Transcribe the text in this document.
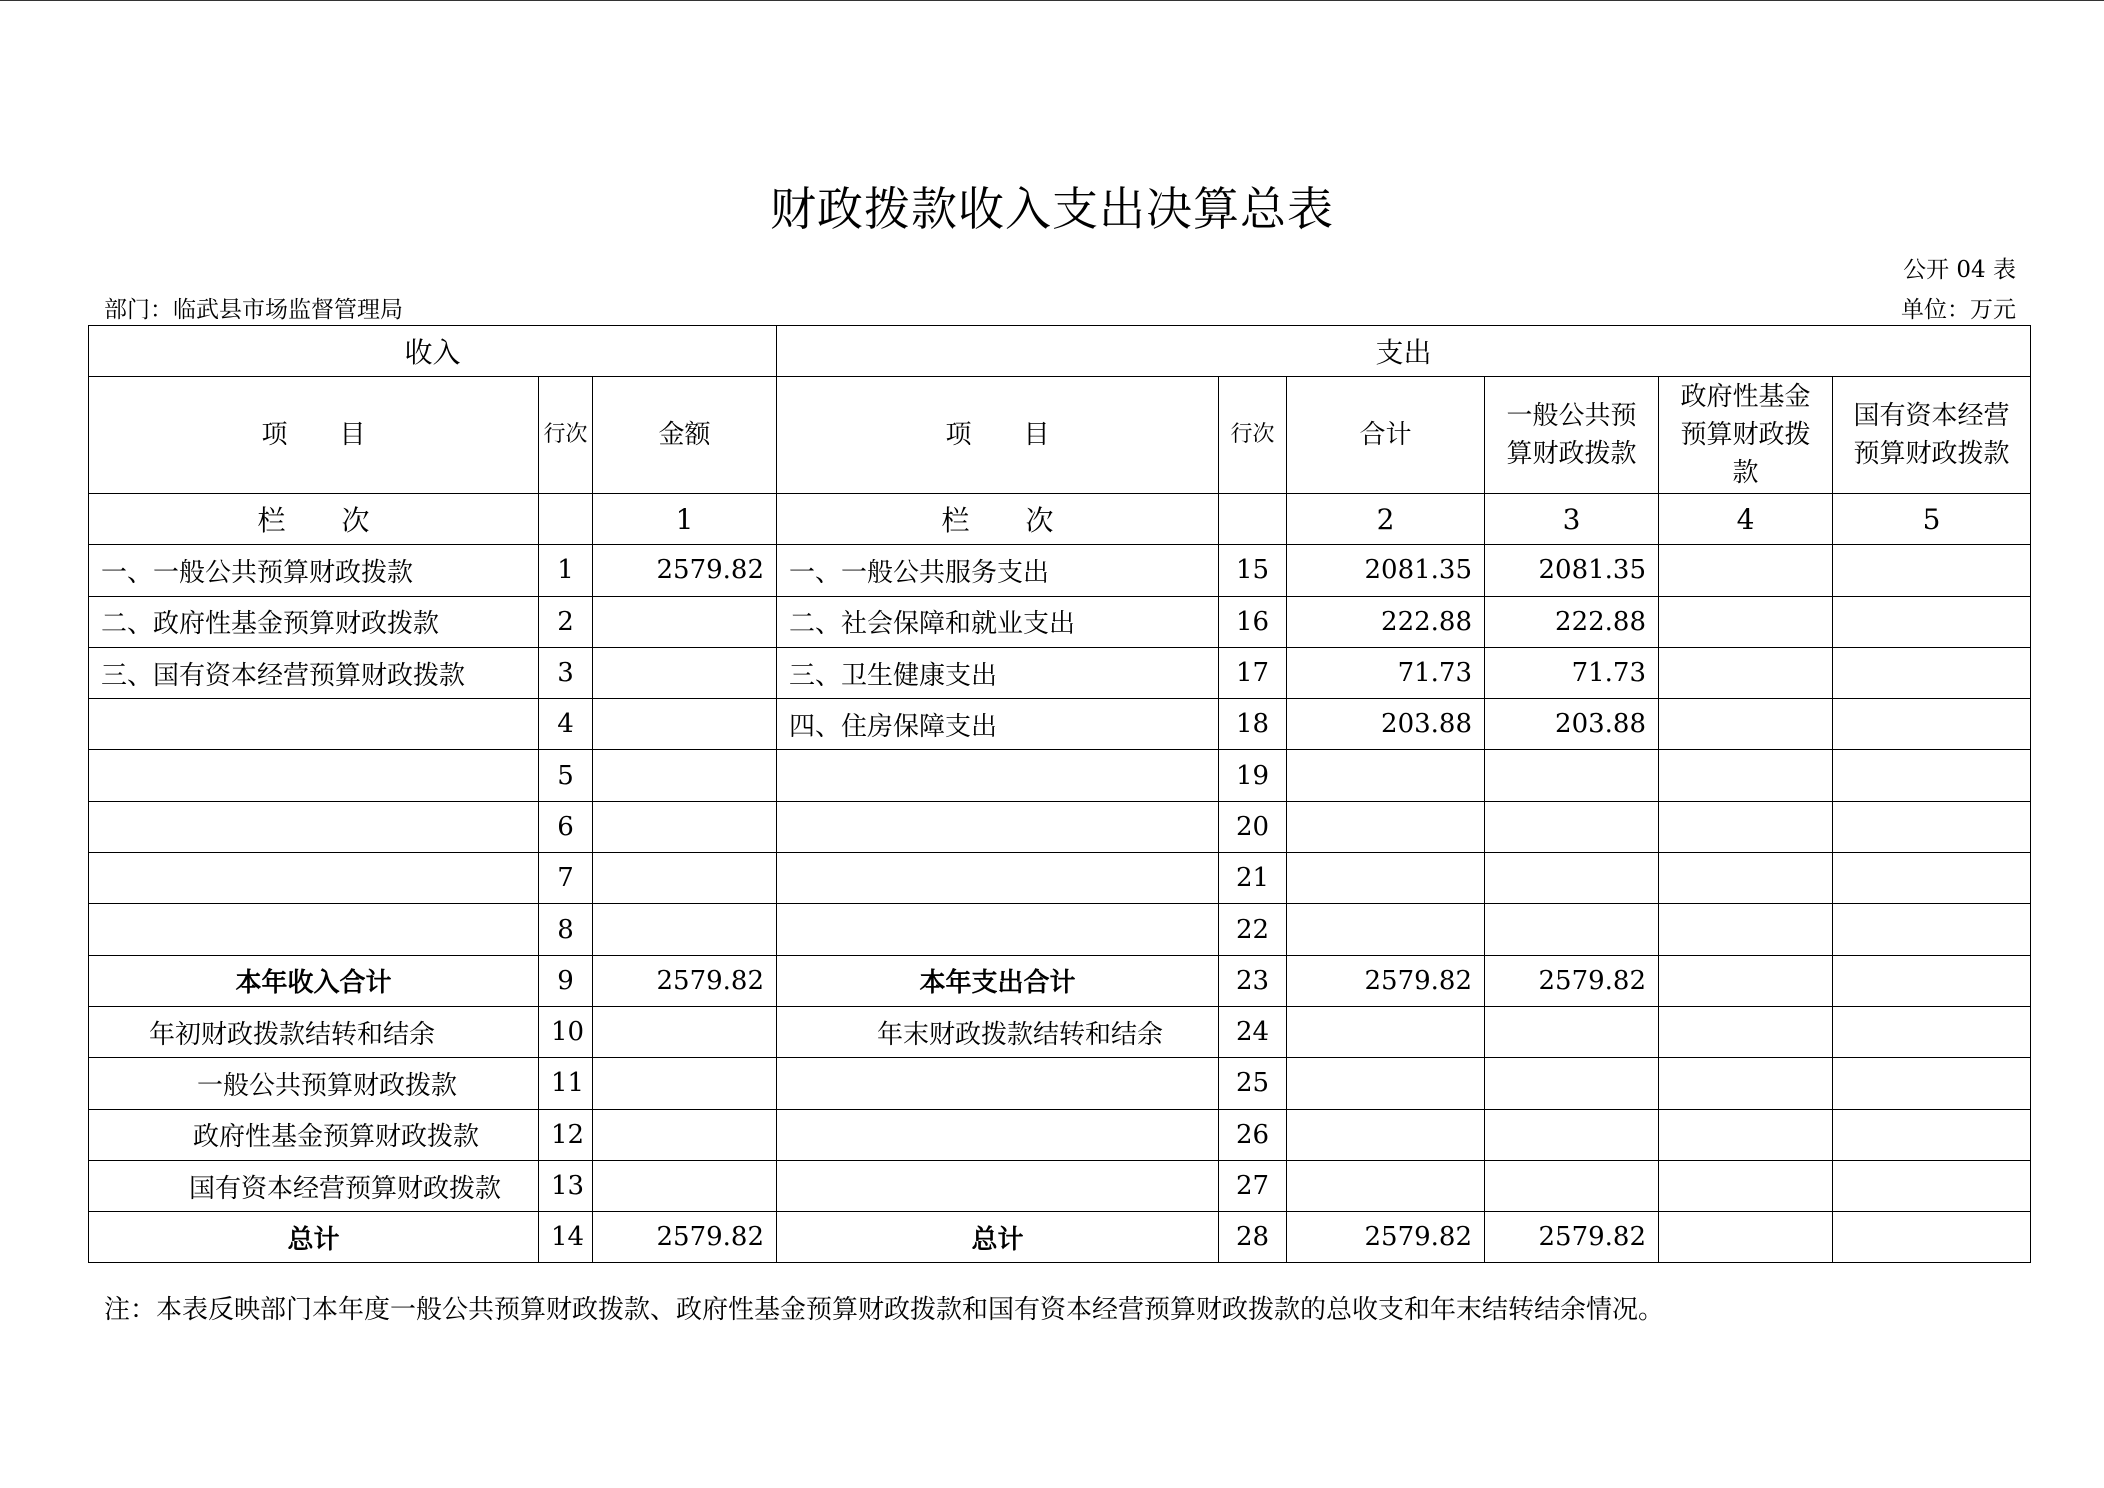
财政拨款收入支出决算总表
公开 04 表
部门：临武县市场监督管理局	单位：万元
收入			支出					
项　　目	行次	金额	项　　目	行次	合计	一般公共预算财政拨款	政府性基金预算财政拨款	国有资本经营预算财政拨款
栏　　次		1	栏　　次		2	3	4	5
一、一般公共预算财政拨款	1	2579.82	一、一般公共服务支出	15	2081.35	2081.35		
二、政府性基金预算财政拨款	2		二、社会保障和就业支出	16	222.88	222.88		
三、国有资本经营预算财政拨款	3		三、卫生健康支出	17	71.73	71.73		
	4		四、住房保障支出	18	203.88	203.88		
	5			19				
	6			20				
	7			21				
	8			22				
本年收入合计	9	2579.82	本年支出合计	23	2579.82	2579.82		
年初财政拨款结转和结余	10		年末财政拨款结转和结余	24				
一般公共预算财政拨款	11			25				
政府性基金预算财政拨款	12			26				
国有资本经营预算财政拨款	13			27				
总计	14	2579.82	总计	28	2579.82	2579.82		
注：本表反映部门本年度一般公共预算财政拨款、政府性基金预算财政拨款和国有资本经营预算财政拨款的总收支和年末结转结余情况。
